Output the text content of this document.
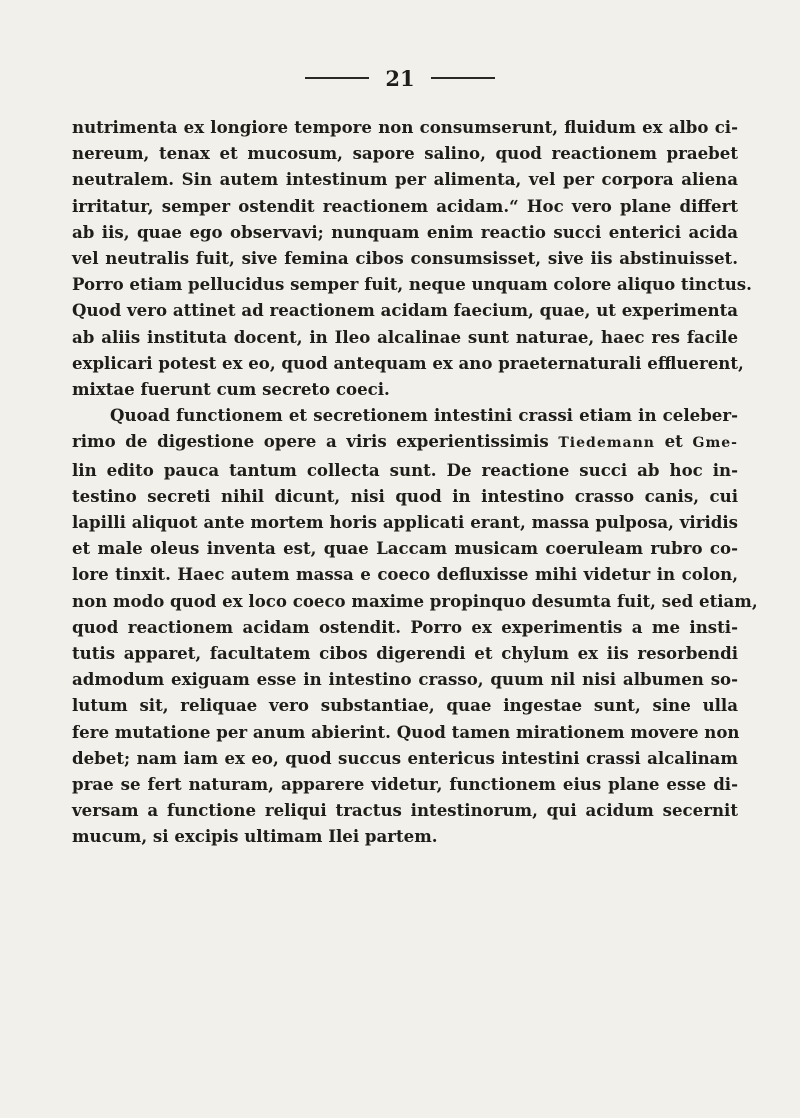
21
nutrimenta ex longiore tempore non consumserunt, fluidum ex albo ci-
nereum, tenax et mucosum, sapore salino, quod reactionem praebet
neutralem. Sin autem intestinum per alimenta, vel per corpora aliena
irritatur, semper ostendit reactionem acidam.“ Hoc vero plane differt
ab iis, quae ego observavi; nunquam enim reactio succi enterici acida
vel neutralis fuit, sive femina cibos consumsisset, sive iis abstinuisset.
Porro etiam pellucidus semper fuit, neque unquam colore aliquo tinctus.
Quod vero attinet ad reactionem acidam faecium, quae, ut experimenta
ab aliis instituta docent, in Ileo alcalinae sunt naturae, haec res facile
explicari potest ex eo, quod antequam ex ano praeternaturali effluerent,
mixtae fuerunt cum secreto coeci.
Quoad functionem et secretionem intestini crassi etiam in celeber-
rimo de digestione opere a viris experientissimis Tiedemann et Gme-
lin edito pauca tantum collecta sunt. De reactione succi ab hoc in-
testino secreti nihil dicunt, nisi quod in intestino crasso canis, cui
lapilli aliquot ante mortem horis applicati erant, massa pulposa, viridis
et male oleus inventa est, quae Laccam musicam coeruleam rubro co-
lore tinxit. Haec autem massa e coeco defluxisse mihi videtur in colon,
non modo quod ex loco coeco maxime propinquo desumta fuit, sed etiam,
quod reactionem acidam ostendit. Porro ex experimentis a me insti-
tutis apparet, facultatem cibos digerendi et chylum ex iis resorbendi
admodum exiguam esse in intestino crasso, quum nil nisi albumen so-
lutum sit, reliquae vero substantiae, quae ingestae sunt, sine ulla
fere mutatione per anum abierint. Quod tamen mirationem movere non
debet; nam iam ex eo, quod succus entericus intestini crassi alcalinam
prae se fert naturam, apparere videtur, functionem eius plane esse di-
versam a functione reliqui tractus intestinorum, qui acidum secernit
mucum, si excipis ultimam Ilei partem.
